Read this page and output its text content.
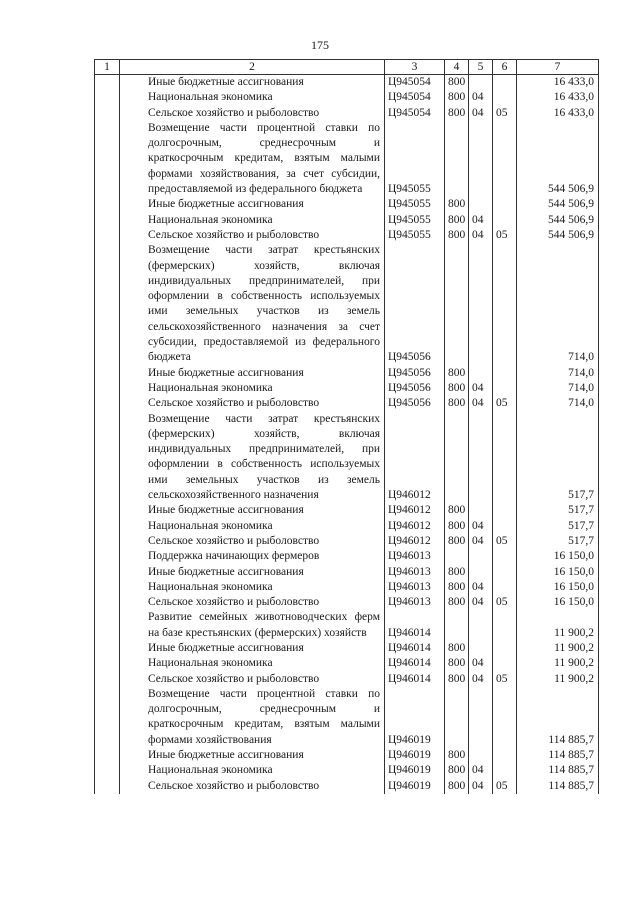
175
1	2	3	4	5	6	7
	Иные бюджетные ассигнования	Ц945054	800			16 433,0
	Национальная экономика	Ц945054	800	04		16 433,0
	Сельское хозяйство и рыболовство	Ц945054	800	04	05	16 433,0
	Возмещение части процентной ставки по долгосрочным, среднесрочным и краткосрочным кредитам, взятым малыми формами хозяйствования, за счет субсидии, предоставляемой из федерального бюджета	Ц945055				544 506,9
	Иные бюджетные ассигнования	Ц945055	800			544 506,9
	Национальная экономика	Ц945055	800	04		544 506,9
	Сельское хозяйство и рыболовство	Ц945055	800	04	05	544 506,9
	Возмещение части затрат крестьянских (фермерских) хозяйств, включая индивидуальных предпринимателей, при оформлении в собственность используемых ими земельных участков из земель сельскохозяйственного назначения за счет субсидии, предоставляемой из федерального бюджета	Ц945056				714,0
	Иные бюджетные ассигнования	Ц945056	800			714,0
	Национальная экономика	Ц945056	800	04		714,0
	Сельское хозяйство и рыболовство	Ц945056	800	04	05	714,0
	Возмещение части затрат крестьянских (фермерских) хозяйств, включая индивидуальных предпринимателей, при оформлении в собственность используемых ими земельных участков из земель сельскохозяйственного назначения	Ц946012				517,7
	Иные бюджетные ассигнования	Ц946012	800			517,7
	Национальная экономика	Ц946012	800	04		517,7
	Сельское хозяйство и рыболовство	Ц946012	800	04	05	517,7
	Поддержка начинающих фермеров	Ц946013				16 150,0
	Иные бюджетные ассигнования	Ц946013	800			16 150,0
	Национальная экономика	Ц946013	800	04		16 150,0
	Сельское хозяйство и рыболовство	Ц946013	800	04	05	16 150,0
	Развитие семейных животноводческих ферм на базе крестьянских (фермерских) хозяйств	Ц946014				11 900,2
	Иные бюджетные ассигнования	Ц946014	800			11 900,2
	Национальная экономика	Ц946014	800	04		11 900,2
	Сельское хозяйство и рыболовство	Ц946014	800	04	05	11 900,2
	Возмещение части процентной ставки по долгосрочным, среднесрочным и краткосрочным кредитам, взятым малыми формами хозяйствования	Ц946019				114 885,7
	Иные бюджетные ассигнования	Ц946019	800			114 885,7
	Национальная экономика	Ц946019	800	04		114 885,7
	Сельское хозяйство и рыболовство	Ц946019	800	04	05	114 885,7
